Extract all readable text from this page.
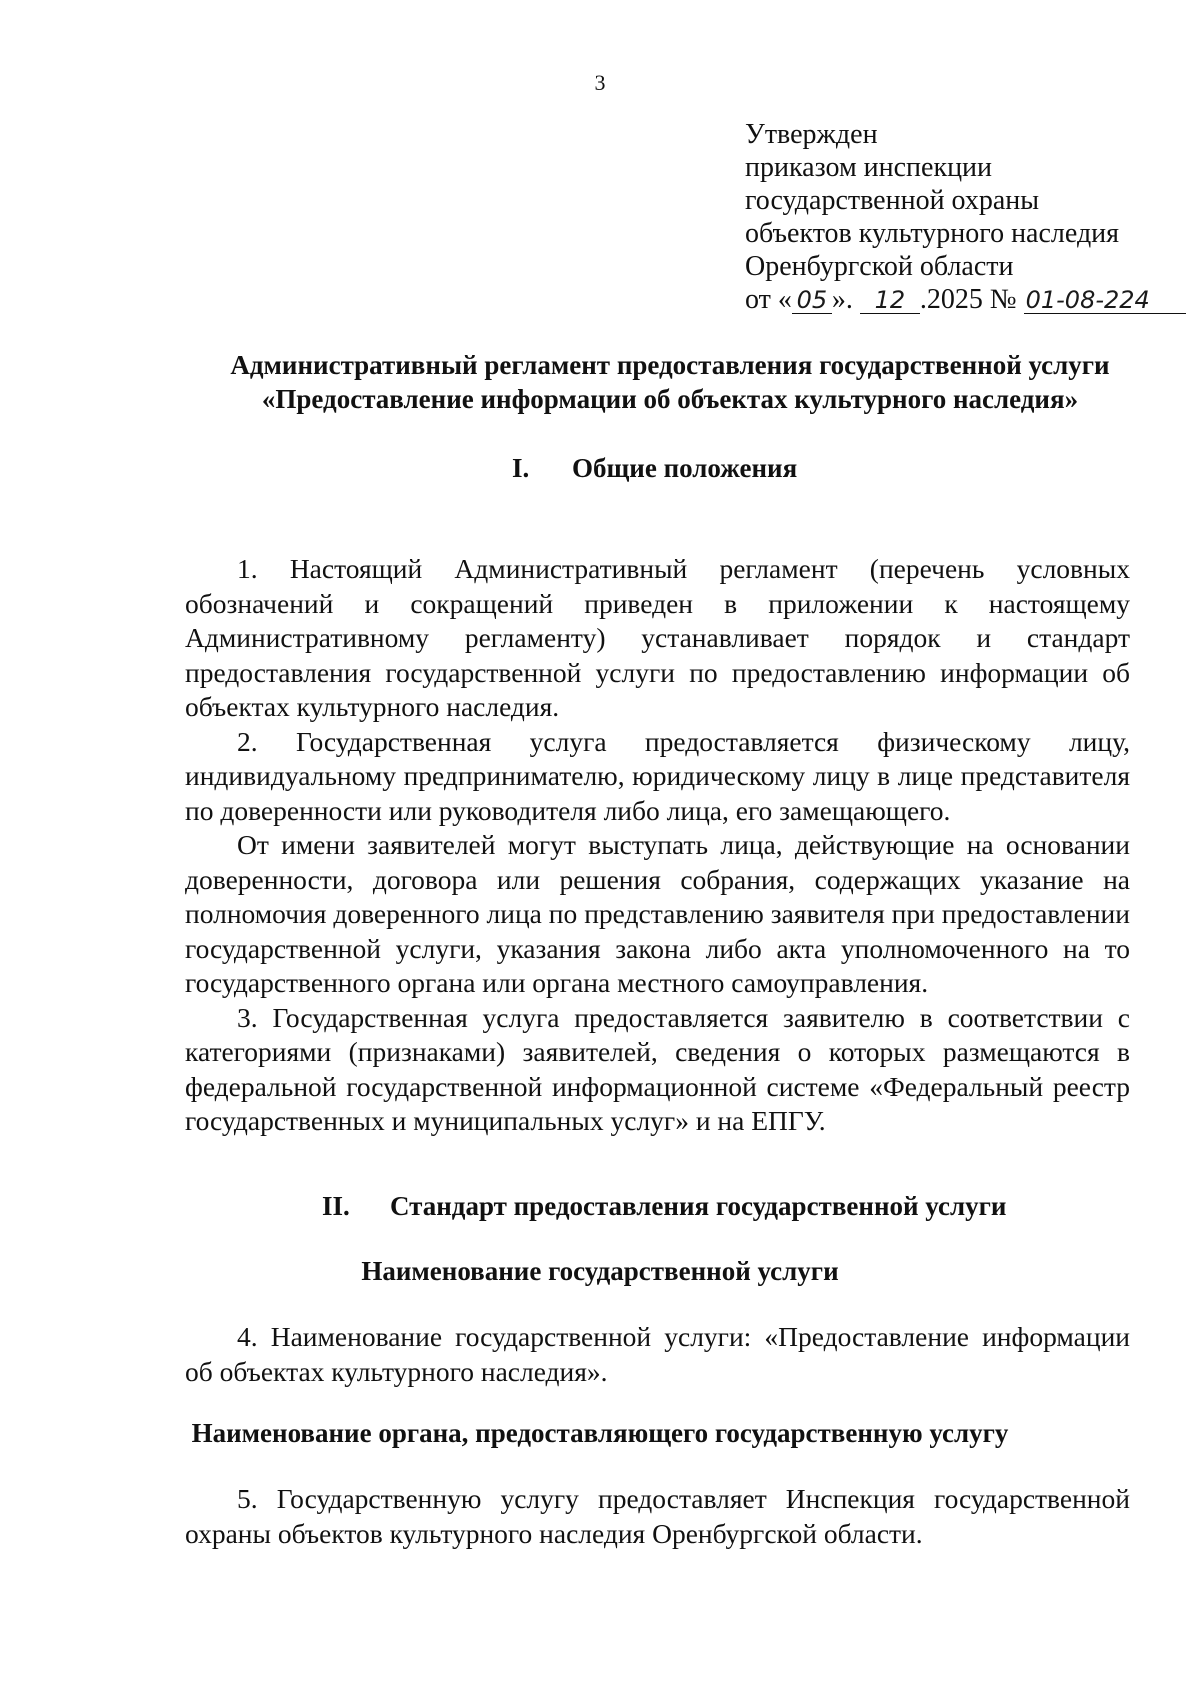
3
Утвержден
приказом инспекции
государственной охраны
объектов культурного наследия
Оренбургской области
от « 05 ». 12 .2025 № 01-08-224
Административный регламент предоставления государственной услуги
«Предоставление информации об объектах культурного наследия»
I. Общие положения

1. Настоящий Административный регламент (перечень условных обозначений и сокращений приведен в приложении к настоящему Административному регламенту) устанавливает порядок и стандарт предоставления государственной услуги по предоставлению информации об объектах культурного наследия.

2. Государственная услуга предоставляется физическому лицу, индивидуальному предпринимателю, юридическому лицу в лице представителя по доверенности или руководителя либо лица, его замещающего.

От имени заявителей могут выступать лица, действующие на основании доверенности, договора или решения собрания, содержащих указание на полномочия доверенного лица по представлению заявителя при предоставлении государственной услуги, указания закона либо акта уполномоченного на то государственного органа или органа местного самоуправления.

3. Государственная услуга предоставляется заявителю в соответствии с категориями (признаками) заявителей, сведения о которых размещаются в федеральной государственной информационной системе «Федеральный реестр государственных и муниципальных услуг» и на ЕПГУ.

II. Стандарт предоставления государственной услуги
Наименование государственной услуги

4. Наименование государственной услуги: «Предоставление информации об объектах культурного наследия».

Наименование органа, предоставляющего государственную услугу

5. Государственную услугу предоставляет Инспекция государственной охраны объектов культурного наследия Оренбургской области.
